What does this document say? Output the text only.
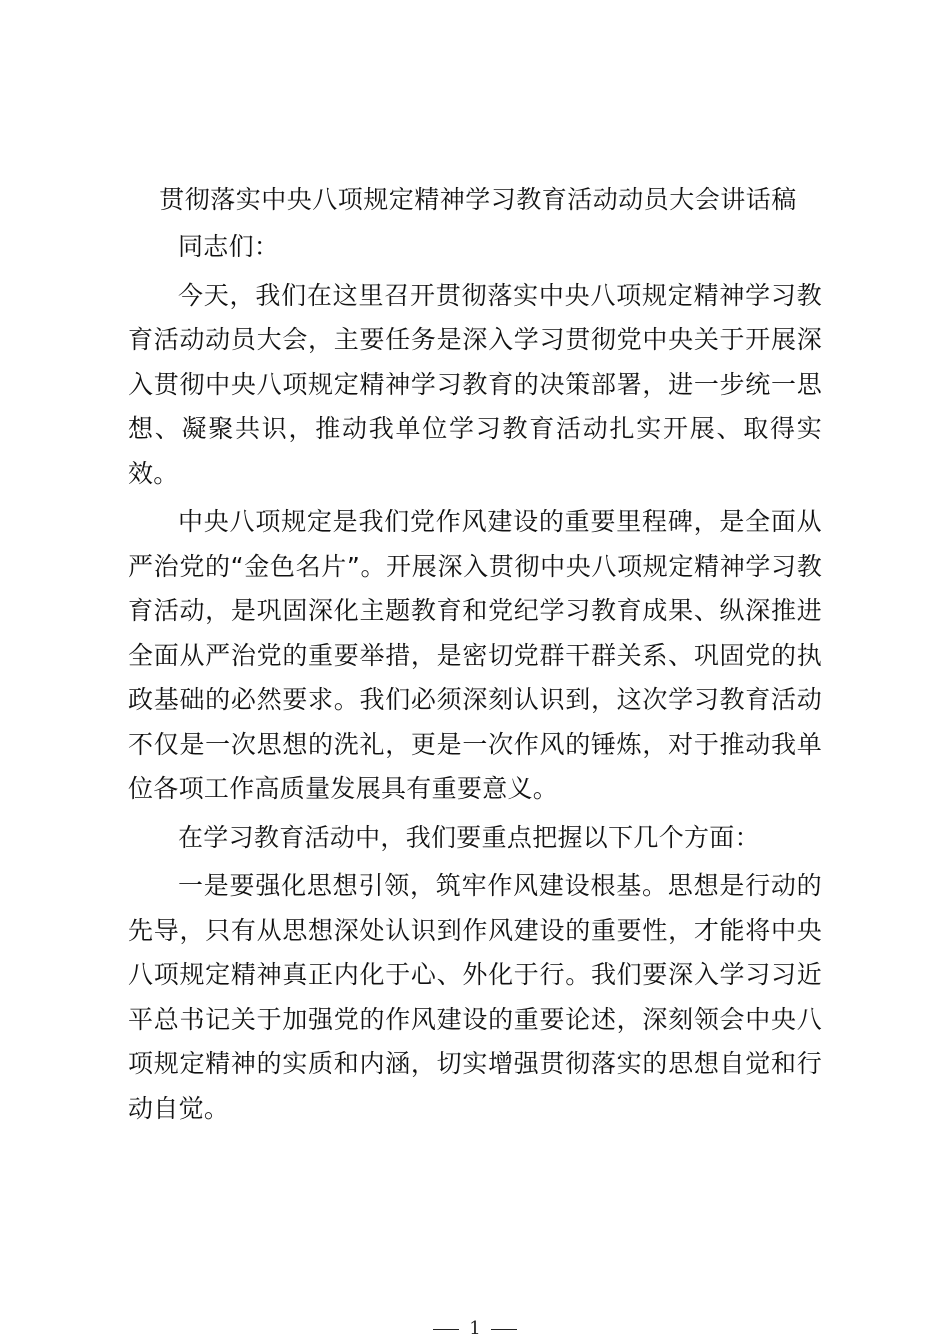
贯彻落实中央八项规定精神学习教育活动动员大会讲话稿

同志们：

今天，我们在这里召开贯彻落实中央八项规定精神学习教育活动动员大会，主要任务是深入学习贯彻党中央关于开展深入贯彻中央八项规定精神学习教育的决策部署，进一步统一思想、凝聚共识，推动我单位学习教育活动扎实开展、取得实效。

中央八项规定是我们党作风建设的重要里程碑，是全面从严治党的“金色名片”。开展深入贯彻中央八项规定精神学习教育活动，是巩固深化主题教育和党纪学习教育成果、纵深推进全面从严治党的重要举措，是密切党群干群关系、巩固党的执政基础的必然要求。我们必须深刻认识到，这次学习教育活动不仅是一次思想的洗礼，更是一次作风的锤炼，对于推动我单位各项工作高质量发展具有重要意义。

在学习教育活动中，我们要重点把握以下几个方面：

一是要强化思想引领，筑牢作风建设根基。思想是行动的先导，只有从思想深处认识到作风建设的重要性，才能将中央八项规定精神真正内化于心、外化于行。我们要深入学习习近平总书记关于加强党的作风建设的重要论述，深刻领会中央八项规定精神的实质和内涵，切实增强贯彻落实的思想自觉和行动自觉。

1
